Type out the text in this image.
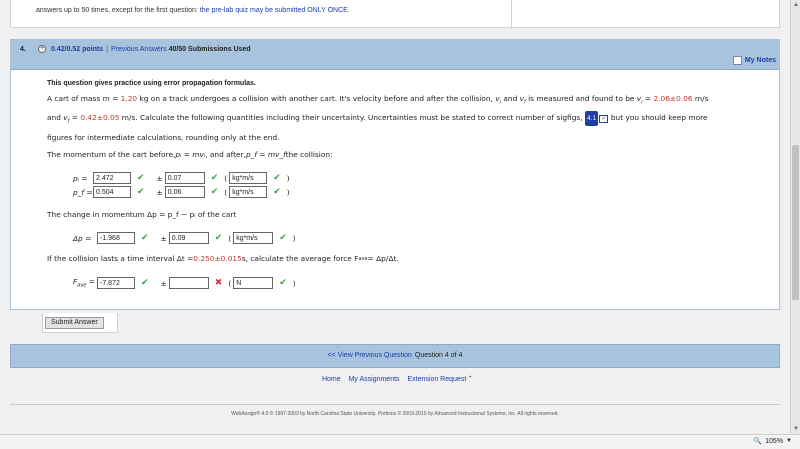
answers up to 50 times, except for the first question: the pre-lab quiz may be submitted ONLY ONCE.
4. + 0.42/0.52 points | Previous Answers 40/50 Submissions Used
My Notes
This question gives practice using error propagation formulas.
A cart of mass m = 1.20 kg on a track undergoes a collision with another cart. It's velocity before and after the collision, $v_i$ and $v_f$ is measured and found to be $v_i = 2.06\pm 0.06$ m/s
and $v_f = 0.42\pm 0.05$ m/s. Calculate the following quantities including their uncertainty. Uncertainties must be stated to correct number of sigfigs, 4.1 ✓ but you should keep more
figures for intermediate calculations, rounding only at the end.
The momentum of the cart before, pᵢ = mvᵢ , and after, p_f = mv_f the collision:
pᵢ =	2.472	✔ ± 0.07	✔ ( kg*m/s	✔ )
p_f = 0.504	✔ ± 0.06	✔ ( kg*m/s	✔ )
The change in momentum Δp = p_f − pᵢ of the cart
Δp =	-1.968	✔ ± 0.09	✔ ( kg*m/s	✔ )
If the collision lasts a time interval Δt = 0.250±0.015 s, calculate the average force F ave = Δp/Δt.
$F_{ave} = -7.872$	✔ ±	✖ ( N	✔ )
Submit Answer
<< View Previous Question Question 4 of 4
Home My Assignments Extension Request ▪
WebAssign® 4.0 © 1997-2003 by North Carolina State University. Portions © 2003-2015 by Advanced Instructional Systems, Inc. All rights reserved.
▲
▼
🔍 105% ▼
